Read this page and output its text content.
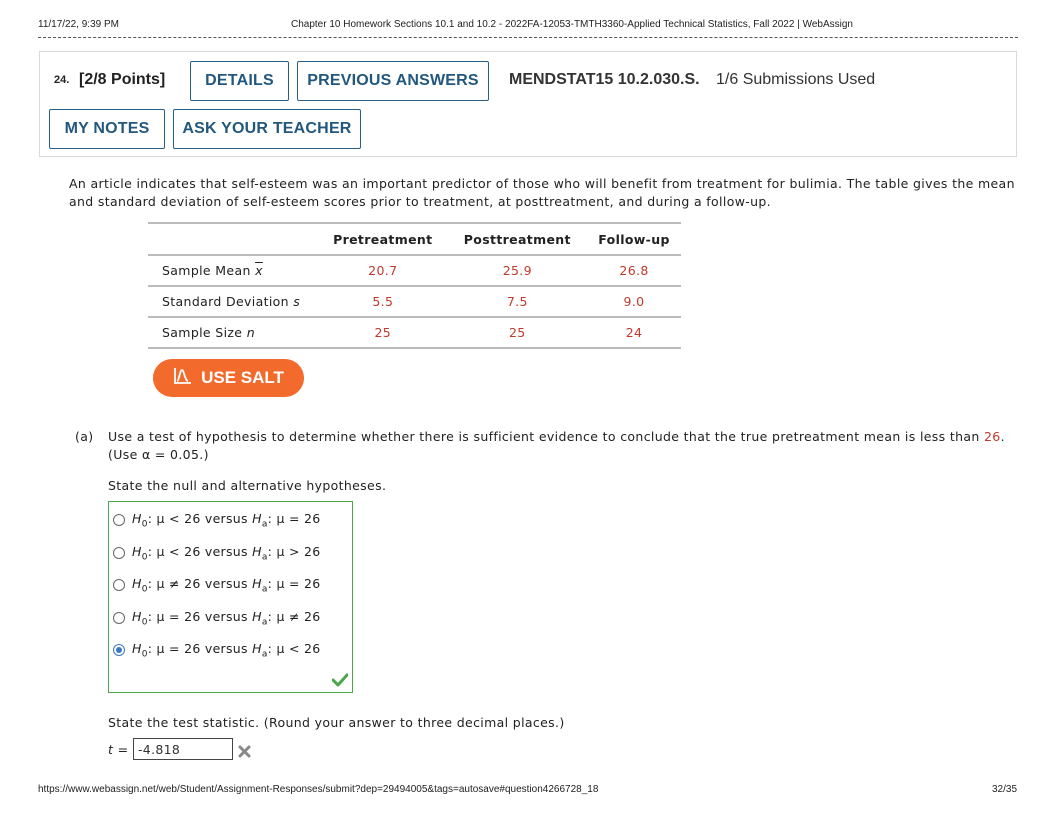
11/17/22, 9:39 PM	Chapter 10 Homework Sections 10.1 and 10.2 - 2022FA-12053-TMTH3360-Applied Technical Statistics, Fall 2022 | WebAssign
24. [2/8 Points]	DETAILS	PREVIOUS ANSWERS	MENDSTAT15 10.2.030.S. 1/6 Submissions Used
MY NOTES	ASK YOUR TEACHER
An article indicates that self-esteem was an important predictor of those who will benefit from treatment for bulimia. The table gives the mean
and standard deviation of self-esteem scores prior to treatment, at posttreatment, and during a follow-up.
	Pretreatment	Posttreatment	Follow-up
Sample Mean $\overline{x}$	20.7	25.9	26.8
Standard Deviation s	5.5	7.5	9.0
Sample Size n	25	25	24
USE SALT
(a) Use a test of hypothesis to determine whether there is sufficient evidence to conclude that the true pretreatment mean is less than 26.
(Use α = 0.05.)
State the null and alternative hypotheses.
$H_0$: μ < 26 versus $H_a$: μ = 26
$H_0$: μ < 26 versus $H_a$: μ > 26
$H_0$: μ ≠ 26 versus $H_a$: μ = 26
$H_0$: μ = 26 versus $H_a$: μ ≠ 26
$H_0$: μ = 26 versus $H_a$: μ < 26
State the test statistic. (Round your answer to three decimal places.)
t =
-4.818
https://www.webassign.net/web/Student/Assignment-Responses/submit?dep=29494005&tags=autosave#question4266728_18	32/35
